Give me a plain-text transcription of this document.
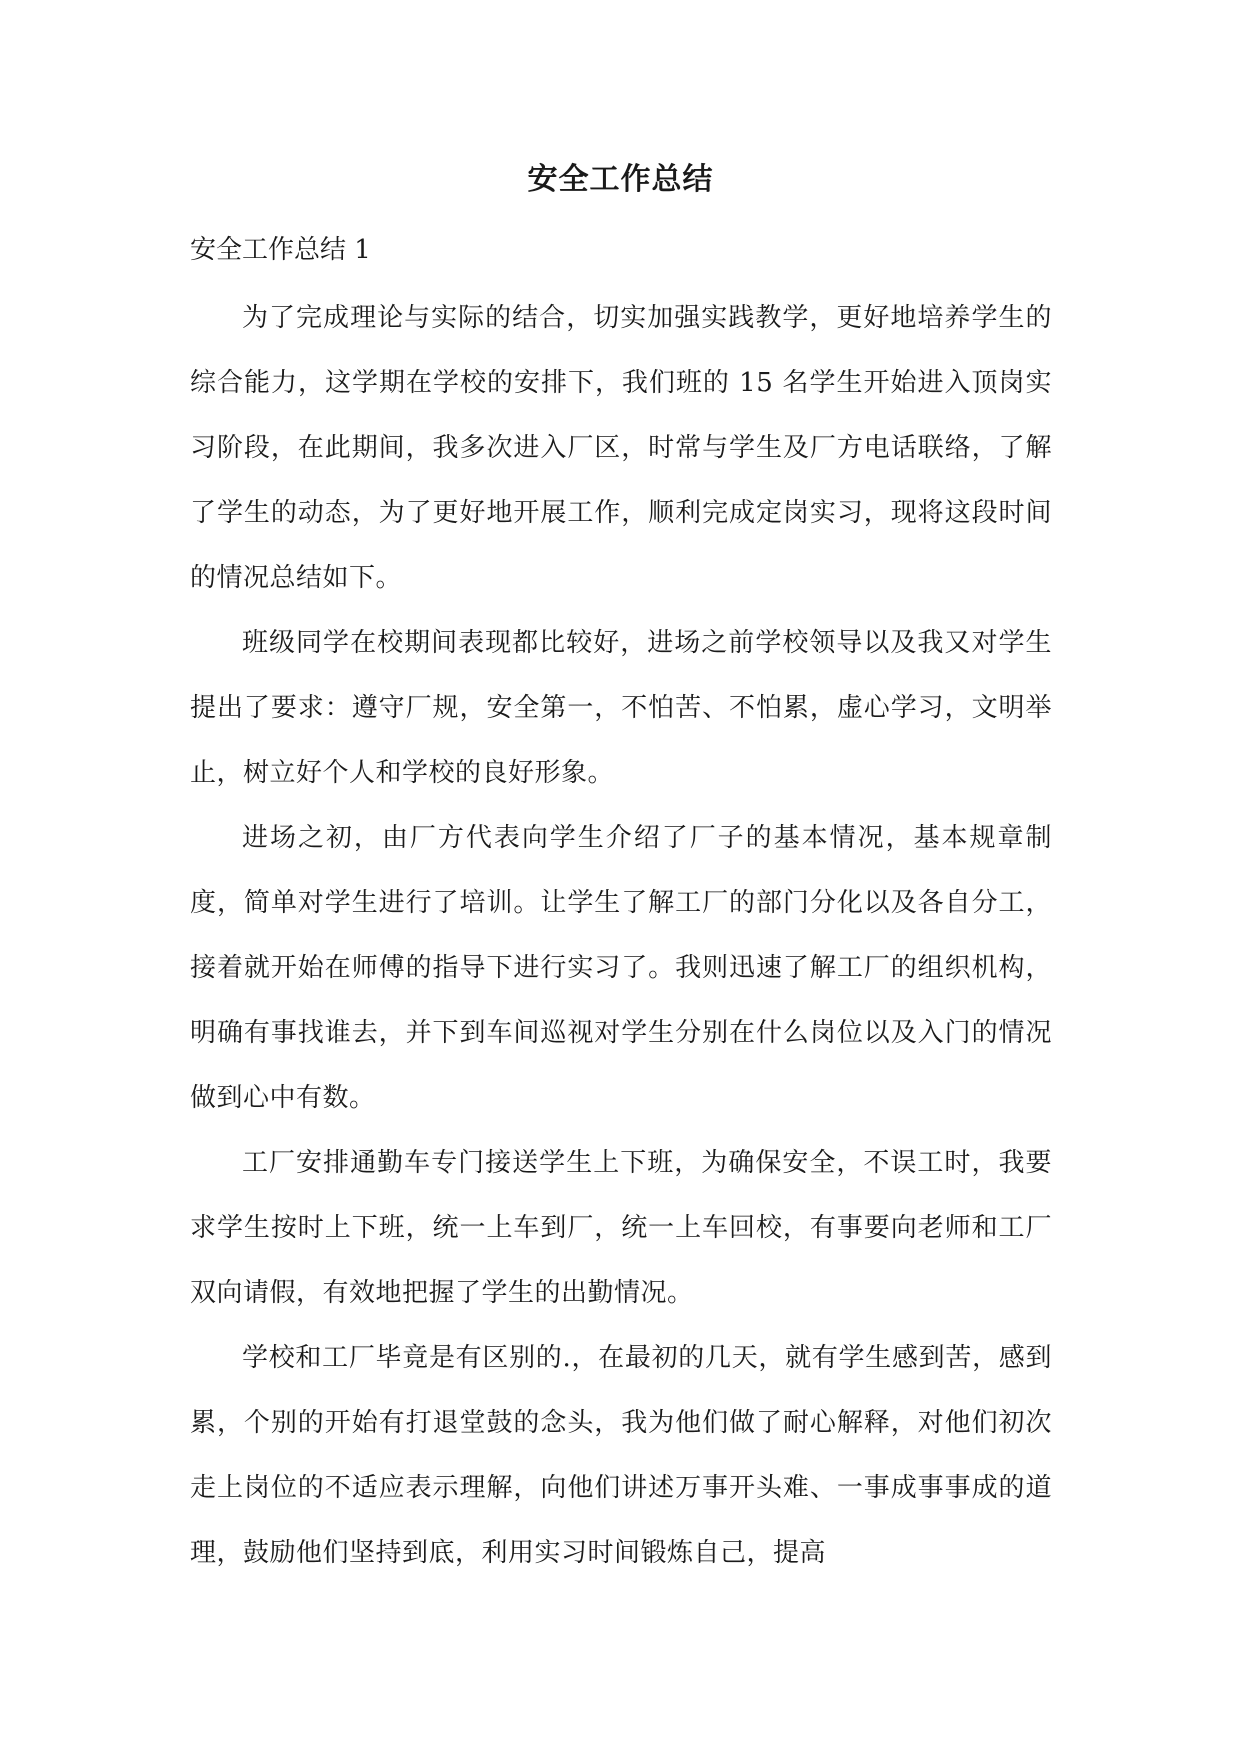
安全工作总结
安全工作总结 1

为了完成理论与实际的结合，切实加强实践教学，更好地培养学生的综合能力，这学期在学校的安排下，我们班的 15 名学生开始进入顶岗实习阶段，在此期间，我多次进入厂区，时常与学生及厂方电话联络，了解了学生的动态，为了更好地开展工作，顺利完成定岗实习，现将这段时间的情况总结如下。

班级同学在校期间表现都比较好，进场之前学校领导以及我又对学生提出了要求：遵守厂规，安全第一，不怕苦、不怕累，虚心学习，文明举止，树立好个人和学校的良好形象。

进场之初，由厂方代表向学生介绍了厂子的基本情况，基本规章制度，简单对学生进行了培训。让学生了解工厂的部门分化以及各自分工，接着就开始在师傅的指导下进行实习了。我则迅速了解工厂的组织机构，明确有事找谁去，并下到车间巡视对学生分别在什么岗位以及入门的情况做到心中有数。

工厂安排通勤车专门接送学生上下班，为确保安全，不误工时，我要求学生按时上下班，统一上车到厂，统一上车回校，有事要向老师和工厂双向请假，有效地把握了学生的出勤情况。

学校和工厂毕竟是有区别的.，在最初的几天，就有学生感到苦，感到累，个别的开始有打退堂鼓的念头，我为他们做了耐心解释，对他们初次走上岗位的不适应表示理解，向他们讲述万事开头难、一事成事事成的道理，鼓励他们坚持到底，利用实习时间锻炼自己，提高
